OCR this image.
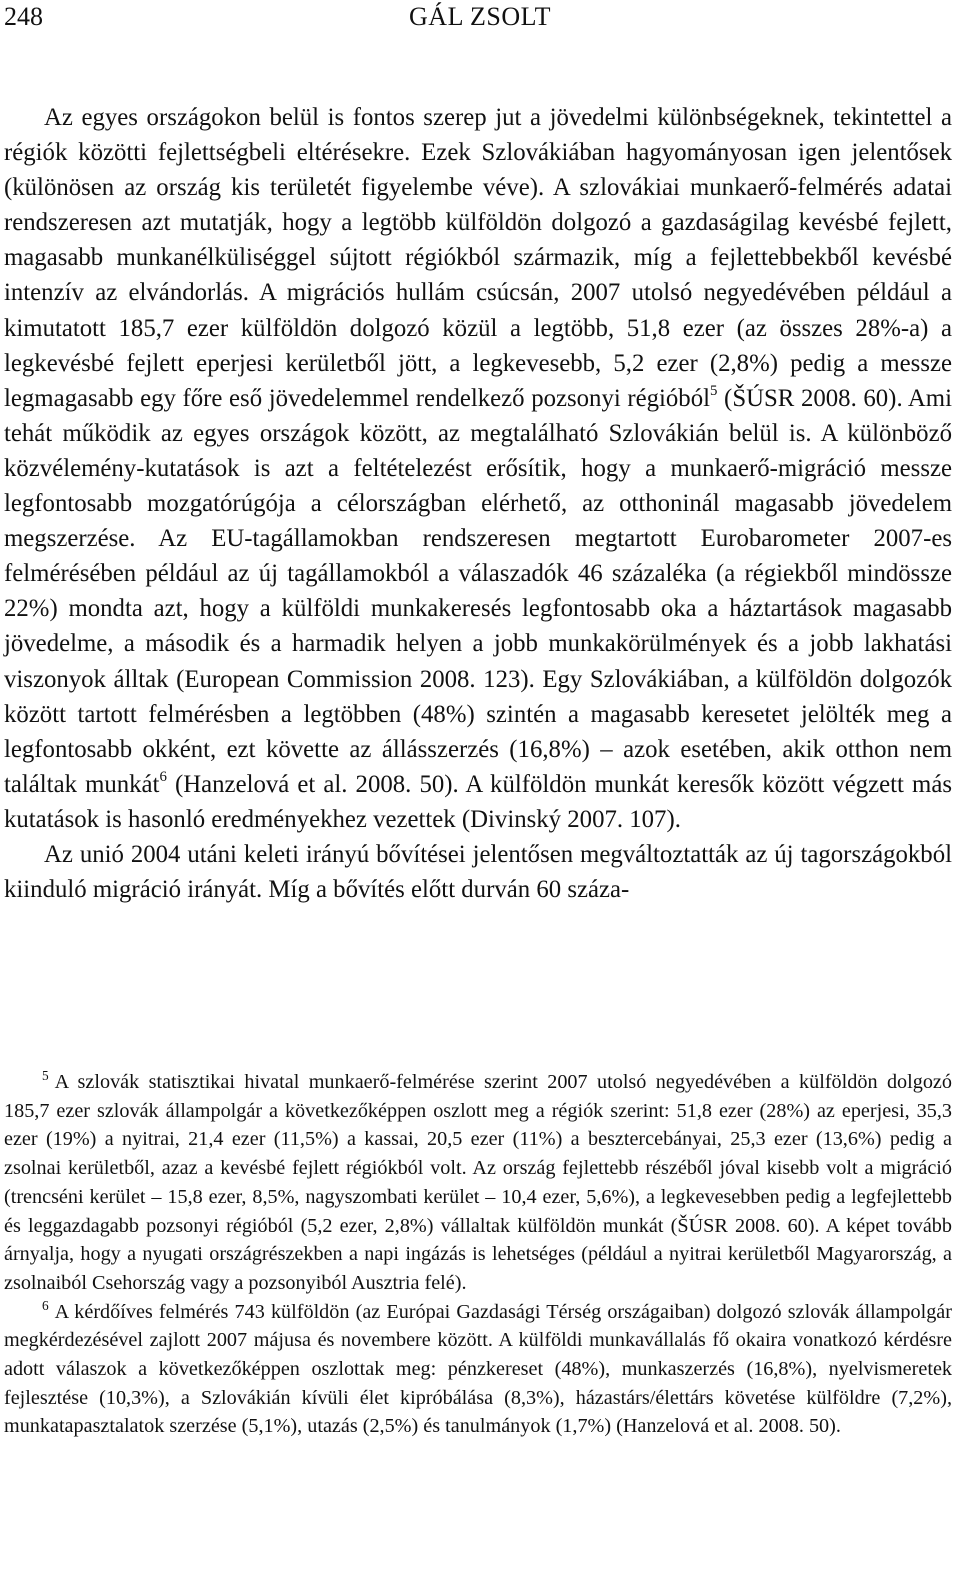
248	GÁL ZSOLT

Az egyes országokon belül is fontos szerep jut a jövedelmi különbségeknek, tekintettel a régiók közötti fejlettségbeli eltérésekre. Ezek Szlovákiában hagyományosan igen jelentősek (különösen az ország kis területét figyelembe véve). A szlovákiai munkaerő-felmérés adatai rendszeresen azt mutatják, hogy a legtöbb külföldön dolgozó a gazdaságilag kevésbé fejlett, magasabb munkanélküliséggel sújtott régiókból származik, míg a fejlettebbekből kevésbé intenzív az elvándorlás. A migrációs hullám csúcsán, 2007 utolsó negyedévében például a kimutatott 185,7 ezer külföldön dolgozó közül a legtöbb, 51,8 ezer (az összes 28%-a) a legkevésbé fejlett eperjesi kerületből jött, a legkevesebb, 5,2 ezer (2,8%) pedig a messze legmagasabb egy főre eső jövedelemmel rendelkező pozsonyi régióból$^5$ (ŠÚSR 2008. 60). Ami tehát működik az egyes országok között, az megtalálható Szlovákián belül is. A különböző közvélemény-kutatások is azt a feltételezést erősítik, hogy a munkaerő-migráció messze legfontosabb mozgatórúgója a célországban elérhető, az otthoninál magasabb jövedelem megszerzése. Az EU-tagállamokban rendszeresen megtartott Eurobarometer 2007-es felmérésében például az új tagállamokból a válaszadók 46 százaléka (a régiekből mindössze 22%) mondta azt, hogy a külföldi munkakeresés legfontosabb oka a háztartások magasabb jövedelme, a második és a harmadik helyen a jobb munkakörülmények és a jobb lakhatási viszonyok álltak (European Commission 2008. 123). Egy Szlovákiában, a külföldön dolgozók között tartott felmérésben a legtöbben (48%) szintén a magasabb keresetet jelölték meg a legfontosabb okként, ezt követte az állásszerzés (16,8%) – azok esetében, akik otthon nem találtak munkát$^6$ (Hanzelová et al. 2008. 50). A külföldön munkát keresők között végzett más kutatások is hasonló eredményekhez vezettek (Divinský 2007. 107).

Az unió 2004 utáni keleti irányú bővítései jelentősen megváltoztatták az új tagországokból kiinduló migráció irányát. Míg a bővítés előtt durván 60 száza-

$^5$ A szlovák statisztikai hivatal munkaerő-felmérése szerint 2007 utolsó negyedévében a külföldön dolgozó 185,7 ezer szlovák állampolgár a következőképpen oszlott meg a régiók szerint: 51,8 ezer (28%) az eperjesi, 35,3 ezer (19%) a nyitrai, 21,4 ezer (11,5%) a kassai, 20,5 ezer (11%) a besztercebányai, 25,3 ezer (13,6%) pedig a zsolnai kerületből, azaz a kevésbé fejlett régiókból volt. Az ország fejlettebb részéből jóval kisebb volt a migráció (trencséni kerület – 15,8 ezer, 8,5%, nagyszombati kerület – 10,4 ezer, 5,6%), a legkevesebben pedig a legfejlettebb és leggazdagabb pozsonyi régióból (5,2 ezer, 2,8%) vállaltak külföldön munkát (ŠÚSR 2008. 60). A képet tovább árnyalja, hogy a nyugati országrészekben a napi ingázás is lehetséges (például a nyitrai kerületből Magyarország, a zsolnaiból Csehország vagy a pozsonyiból Ausztria felé).

$^6$ A kérdőíves felmérés 743 külföldön (az Európai Gazdasági Térség országaiban) dolgozó szlovák állampolgár megkérdezésével zajlott 2007 májusa és novembere között. A külföldi munkavállalás fő okaira vonatkozó kérdésre adott válaszok a következőképpen oszlottak meg: pénzkereset (48%), munkaszerzés (16,8%), nyelvismeretek fejlesztése (10,3%), a Szlovákián kívüli élet kipróbálása (8,3%), házastárs/élettárs követése külföldre (7,2%), munkatapasztalatok szerzése (5,1%), utazás (2,5%) és tanulmányok (1,7%) (Hanzelová et al. 2008. 50).
